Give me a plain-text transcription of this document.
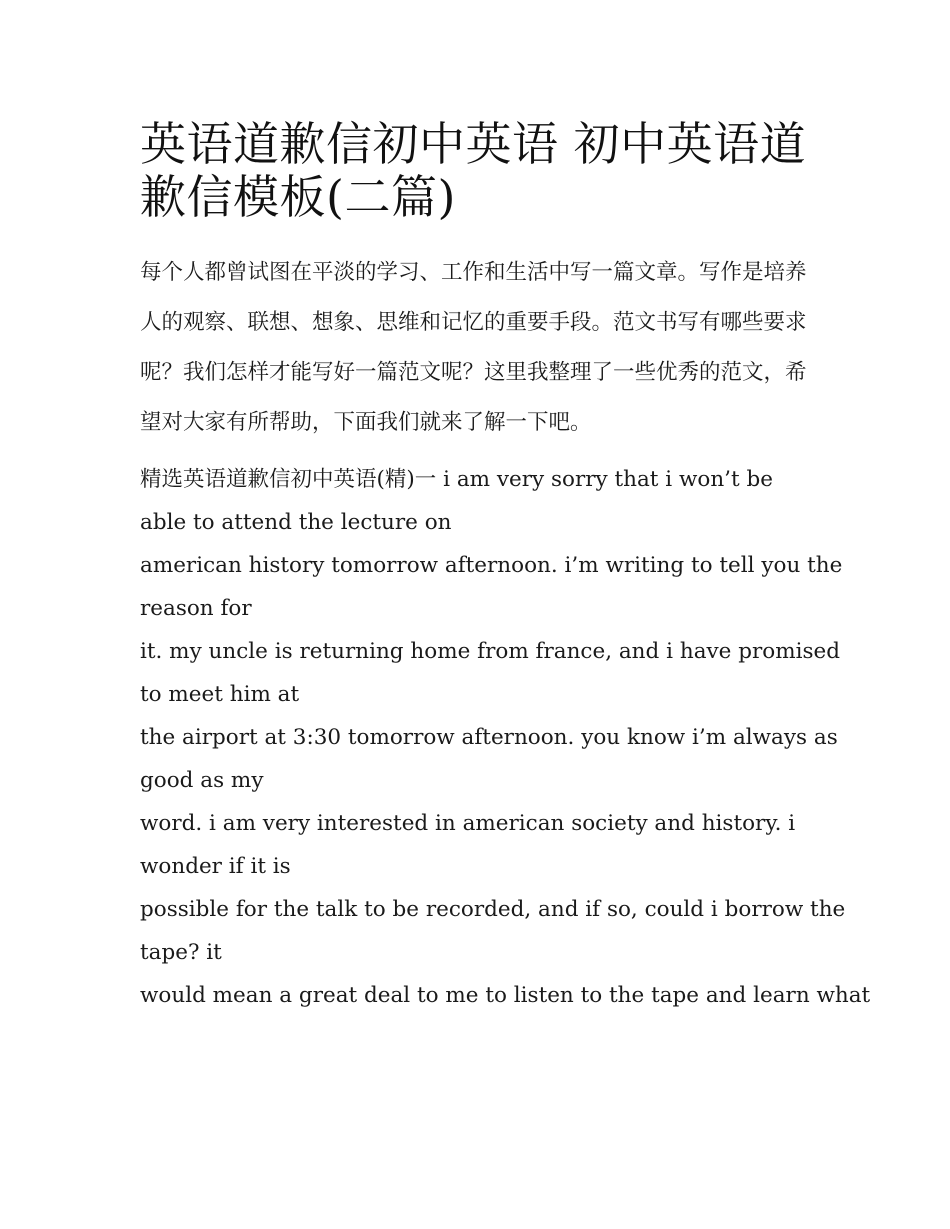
英语道歉信初中英语 初中英语道歉信模板(二篇)

每个人都曾试图在平淡的学习、工作和生活中写一篇文章。写作是培养人的观察、联想、想象、思维和记忆的重要手段。范文书写有哪些要求呢？我们怎样才能写好一篇范文呢？这里我整理了一些优秀的范文，希望对大家有所帮助，下面我们就来了解一下吧。

精选英语道歉信初中英语(精)一 i am very sorry that i won’t be

able to attend the lecture on

american history tomorrow afternoon. i’m writing to tell you the

reason for

it. my uncle is returning home from france, and i have promised

to meet him at

the airport at 3:30 tomorrow afternoon. you know i’m always as

good as my

word. i am very interested in american society and history. i

wonder if it is

possible for the talk to be recorded, and if so, could i borrow the

tape? it

would mean a great deal to me to listen to the tape and learn what
